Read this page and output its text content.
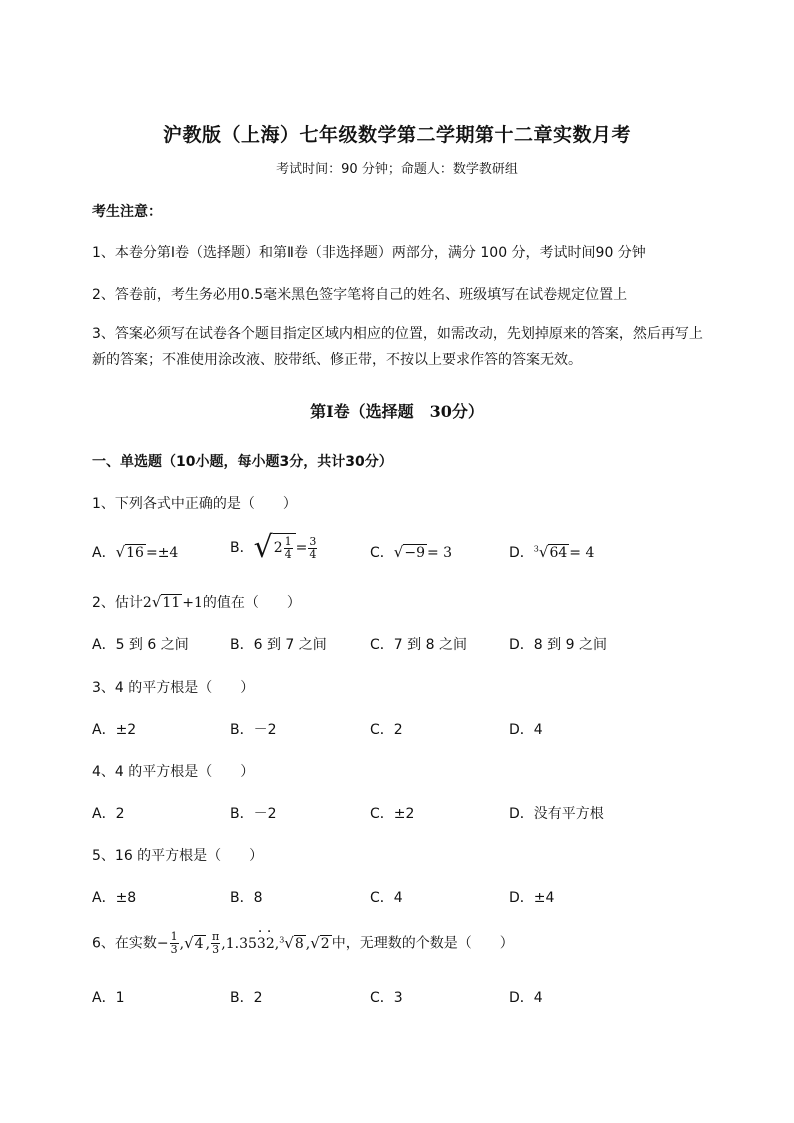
沪教版（上海）七年级数学第二学期第十二章实数月考
考试时间：90 分钟；命题人：数学教研组
考生注意：
1、本卷分第Ⅰ卷（选择题）和第Ⅱ卷（非选择题）两部分，满分 100 分，考试时间90 分钟
2、答卷前，考生务必用0.5毫米黑色签字笔将自己的姓名、班级填写在试卷规定位置上
3、答案必须写在试卷各个题目指定区域内相应的位置，如需改动，先划掉原来的答案，然后再写上新的答案；不准使用涂改液、胶带纸、修正带，不按以上要求作答的答案无效。
第Ⅰ卷（选择题　30分）
一、单选题（10小题，每小题3分，共计30分）
1、下列各式中正确的是（　　）
A．√16 =±4	B．$√2 \frac{1}{4} = \frac{3}{4}$	C．√−9 = 3	D．$^3$√64 = 4
2、估计2√11 +1的值在（　　）
A．5 到 6 之间	B．6 到 7 之间	C．7 到 8 之间	D．8 到 9 之间
3、4 的平方根是（　　）
A．±2	B．－2	C．2	D．4
4、4 的平方根是（　　）
A．2	B．－2	C．±2	D．没有平方根
5、16 的平方根是（　　）
A．±8	B．8	C．4	D．±4
6、在实数− $\frac{1}{3} ,√4$ , $\frac{\pi}{3} ,1.35\cdot 3\cdot 2,^3√8$ ,√2 中，无理数的个数是（　　）
A．1	B．2	C．3	D．4
